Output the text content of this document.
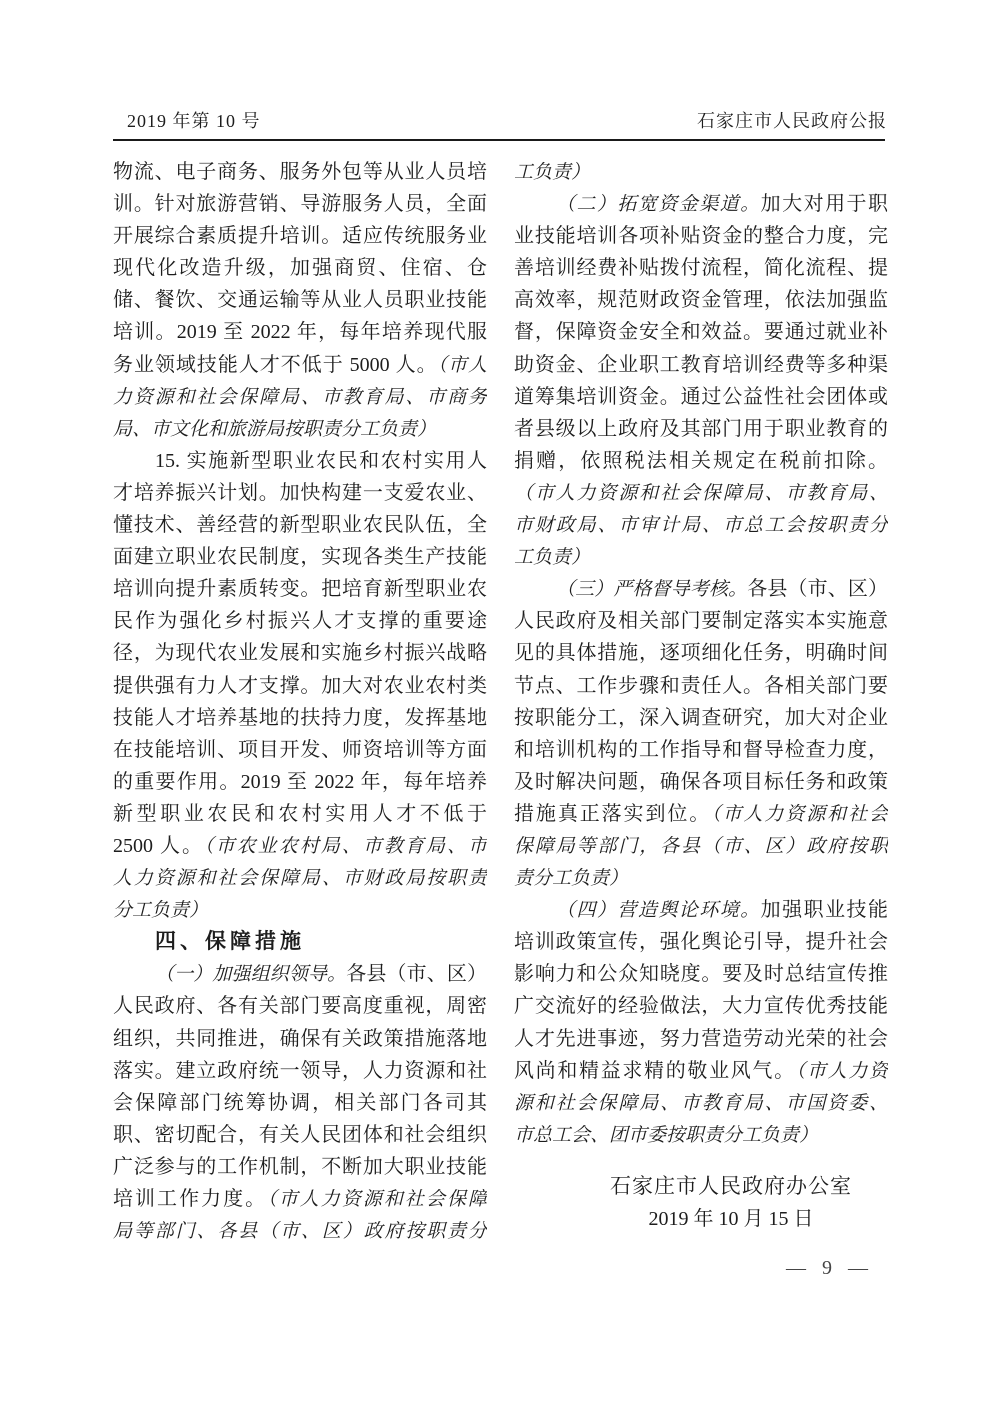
2019 年第 10 号	石家庄市人民政府公报
物流、电子商务、服务外包等从业人员培
训。针对旅游营销、导游服务人员，全面
开展综合素质提升培训。适应传统服务业
现代化改造升级，加强商贸、住宿、仓
储、餐饮、交通运输等从业人员职业技能
培训。2019 至 2022 年，每年培养现代服
务业领域技能人才不低于 5000 人。（市人
力资源和社会保障局、市教育局、市商务
局、市文化和旅游局按职责分工负责）
15. 实施新型职业农民和农村实用人
才培养振兴计划。加快构建一支爱农业、
懂技术、善经营的新型职业农民队伍，全
面建立职业农民制度，实现各类生产技能
培训向提升素质转变。把培育新型职业农
民作为强化乡村振兴人才支撑的重要途
径，为现代农业发展和实施乡村振兴战略
提供强有力人才支撑。加大对农业农村类
技能人才培养基地的扶持力度，发挥基地
在技能培训、项目开发、师资培训等方面
的重要作用。2019 至 2022 年，每年培养
新型职业农民和农村实用人才不低于
2500 人。（市农业农村局、市教育局、市
人力资源和社会保障局、市财政局按职责
分工负责）
四、保障措施
（一）加强组织领导。各县（市、区）
人民政府、各有关部门要高度重视，周密
组织，共同推进，确保有关政策措施落地
落实。建立政府统一领导，人力资源和社
会保障部门统筹协调，相关部门各司其
职、密切配合，有关人民团体和社会组织
广泛参与的工作机制，不断加大职业技能
培训工作力度。（市人力资源和社会保障
局等部门、各县（市、区）政府按职责分
工负责）
（二）拓宽资金渠道。加大对用于职
业技能培训各项补贴资金的整合力度，完
善培训经费补贴拨付流程，简化流程、提
高效率，规范财政资金管理，依法加强监
督，保障资金安全和效益。要通过就业补
助资金、企业职工教育培训经费等多种渠
道筹集培训资金。通过公益性社会团体或
者县级以上政府及其部门用于职业教育的
捐赠，依照税法相关规定在税前扣除。
（市人力资源和社会保障局、市教育局、
市财政局、市审计局、市总工会按职责分
工负责）
（三）严格督导考核。各县（市、区）
人民政府及相关部门要制定落实本实施意
见的具体措施，逐项细化任务，明确时间
节点、工作步骤和责任人。各相关部门要
按职能分工，深入调查研究，加大对企业
和培训机构的工作指导和督导检查力度，
及时解决问题，确保各项目标任务和政策
措施真正落实到位。（市人力资源和社会
保障局等部门，各县（市、区）政府按职
责分工负责）
（四）营造舆论环境。加强职业技能
培训政策宣传，强化舆论引导，提升社会
影响力和公众知晓度。要及时总结宣传推
广交流好的经验做法，大力宣传优秀技能
人才先进事迹，努力营造劳动光荣的社会
风尚和精益求精的敬业风气。（市人力资
源和社会保障局、市教育局、市国资委、
市总工会、团市委按职责分工负责）
石家庄市人民政府办公室
2019 年 10 月 15 日
— 9 —
